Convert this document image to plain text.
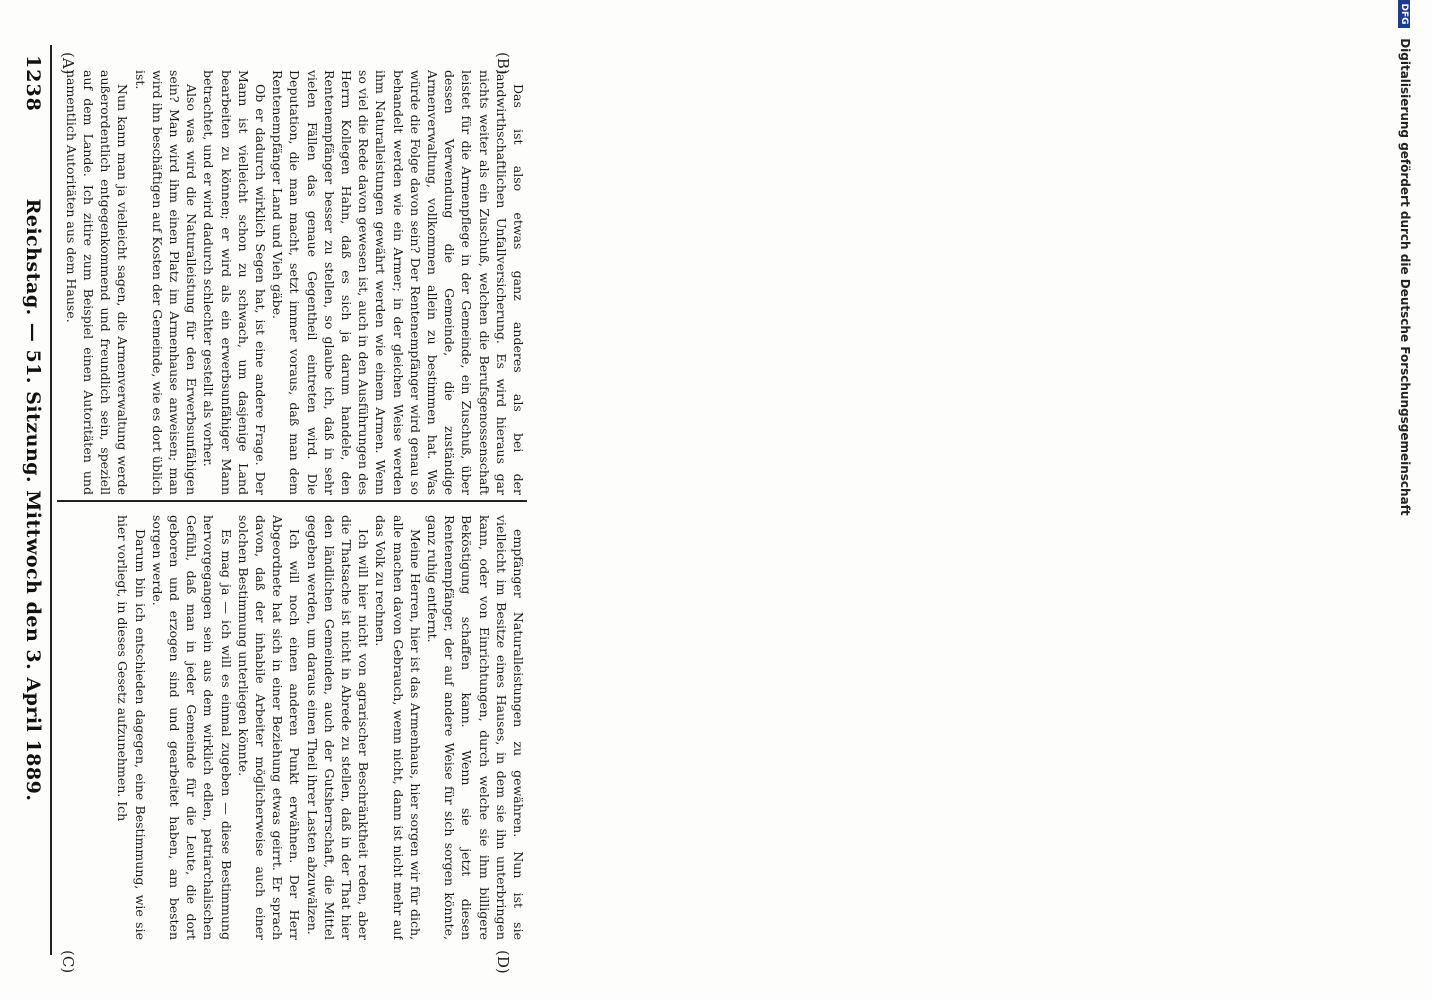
DFG Digitalisierung gefördert durch die Deutsche Forschungsgemeinschaft
(A)	(B)
(C)	(D)
1238
Reichstag. — 51. Sitzung. Mittwoch den 3. April 1889.	Das ist also etwas ganz anderes als bei der landwirthschaftlichen Unfallversicherung. Es wird hieraus gar nichts weiter als ein Zuschuß, welchen die Berufsgenossenschaft leistet für die Armenpflege in der Gemeinde, ein Zuschuß, über dessen Verwendung die Gemeinde, die zuständige Armenverwaltung, vollkommen allein zu bestimmen hat. Was würde die Folge davon sein? Der Rentenempfänger wird genau so behandelt werden wie ein Armer; in der gleichen Weise werden ihm Naturalleistungen gewährt werden wie einem Armen. Wenn so viel die Rede davon gewesen ist, auch in den Ausführungen des Herrn Kollegen Hahn, daß es sich ja darum handele, den Rentenempfänger besser zu stellen, so glaube ich, daß in sehr vielen Fällen das genaue Gegentheil eintreten wird. Die Deputation, die man macht, setzt immer voraus, daß man dem Rentenempfänger Land und Vieh gäbe.

Ob er dadurch wirklich Segen hat, ist eine andere Frage. Der Mann ist vielleicht schon zu schwach, um dasjenige Land bearbeiten zu können; er wird als ein erwerbsunfähiger Mann betrachtet, und er wird dadurch schlechter gestellt als vorher.

Also was wird die Naturalleistung für den Erwerbsunfähigen sein? Man wird ihm einen Platz im Armenhause anweisen; man wird ihn beschäftigen auf Kosten der Gemeinde, wie es dort üblich ist.

Nun kann man ja vielleicht sagen, die Armenverwaltung werde außerordentlich entgegenkommend und freundlich sein, speziell auf dem Lande. Ich zitire zum Beispiel einen Autoritäten und namentlich Autoritäten aus dem Hause.

empfänger Naturalleistungen zu gewähren. Nun ist sie vielleicht im Besitze eines Hauses, in dem sie ihn unterbringen kann, oder von Einrichtungen, durch welche sie ihm billigere Beköstigung schaffen kann. Wenn sie jetzt diesen Rentenempfänger, der auf andere Weise für sich sorgen könnte, ganz ruhig entfernt.

Meine Herren, hier ist das Armenhaus, hier sorgen wir für dich, alle machen davon Gebrauch, wenn nicht, dann ist nicht mehr auf das Volk zu rechnen.

Ich will hier nicht von agrarischer Beschränktheit reden, aber die Thatsache ist nicht in Abrede zu stellen, daß in der That hier den ländlichen Gemeinden, auch der Gutsherrschaft, die Mittel gegeben werden, um daraus einen Theil ihrer Lasten abzuwälzen.

Ich will noch einen anderen Punkt erwähnen. Der Herr Abgeordnete hat sich in einer Beziehung etwas geirrt. Er sprach davon, daß der inhabile Arbeiter möglicherweise auch einer solchen Bestimmung unterliegen könnte.

Es mag ja — ich will es einmal zugeben — diese Bestimmung hervorgegangen sein aus dem wirklich edlen, patriarchalischen Gefühl, daß man in jeder Gemeinde für die Leute, die dort geboren und erzogen sind und gearbeitet haben, am besten sorgen werde.

Darum bin ich entschieden dagegen, eine Bestimmung, wie sie hier vorliegt, in dieses Gesetz aufzunehmen. Ich
